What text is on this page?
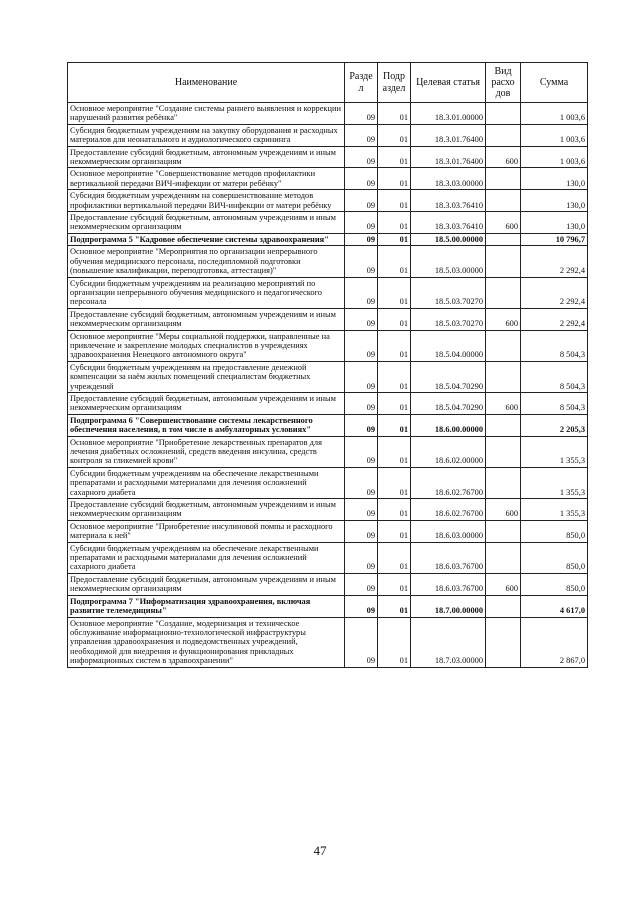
Наименование	Разде л	Подр аздел	Целевая статья	Вид расхо дов	Сумма
Основное мероприятие "Создание системы раннего выявления и коррекции нарушений развития ребёнка"	09	01	18.3.01.00000		1 003,6
Субсидия бюджетным учреждениям на закупку оборудования и расходных материалов для неонатального и аудиологического скрининга	09	01	18.3.01.76400		1 003,6
Предоставление субсидий бюджетным, автономным учреждениям и иным некоммерческим организациям	09	01	18.3.01.76400	600	1 003,6
Основное мероприятие "Совершенствование методов профилактики вертикальной передачи ВИЧ-инфекции от матери ребёнку"	09	01	18.3.03.00000		130,0
Субсидия бюджетным учреждениям на совершенствование методов профилактики вертикальной передачи ВИЧ-инфекции от матери ребёнку	09	01	18.3.03.76410		130,0
Предоставление субсидий бюджетным, автономным учреждениям и иным некоммерческим организациям	09	01	18.3.03.76410	600	130,0
Подпрограмма 5 "Кадровое обеспечение системы здравоохранения"	09	01	18.5.00.00000		10 796,7
Основное мероприятие "Мероприятия по организации непрерывного обучения медицинского персонала, последипломной подготовки (повышение квалификации, переподготовка, аттестация)"	09	01	18.5.03.00000		2 292,4
Субсидии бюджетным учреждениям на реализацию мероприятий по организации непрерывного обучения медицинского и педагогического персонала	09	01	18.5.03.70270		2 292,4
Предоставление субсидий бюджетным, автономным учреждениям и иным некоммерческим организациям	09	01	18.5.03.70270	600	2 292,4
Основное мероприятие "Меры социальной поддержки, направленные на привлечение и закрепление молодых специалистов в учреждениях здравоохранения Ненецкого автономного округа"	09	01	18.5.04.00000		8 504,3
Субсидии бюджетным учреждениям на предоставление денежной компенсации за наём жилых помещений специалистам бюджетных учреждений	09	01	18.5.04.70290		8 504,3
Предоставление субсидий бюджетным, автономным учреждениям и иным некоммерческим организациям	09	01	18.5.04.70290	600	8 504,3
Подпрограмма 6 "Совершенствование системы лекарственного обеспечения населения, в том числе в амбулаторных условиях"	09	01	18.6.00.00000		2 205,3
Основное мероприятие "Приобретение лекарственных препаратов для лечения диабетных осложнений, средств введения инсулина, средств контроля за гликемией крови"	09	01	18.6.02.00000		1 355,3
Субсидии бюджетным учреждениям на обеспечение лекарственными препаратами и расходными материалами для лечения осложнений сахарного диабета	09	01	18.6.02.76700		1 355,3
Предоставление субсидий бюджетным, автономным учреждениям и иным некоммерческим организациям	09	01	18.6.02.76700	600	1 355,3
Основное мероприятие "Приобретение инсулиновой помпы и расходного материала к ней"	09	01	18.6.03.00000		850,0
Субсидии бюджетным учреждениям на обеспечение лекарственными препаратами и расходными материалами для лечения осложнений сахарного диабета	09	01	18.6.03.76700		850,0
Предоставление субсидий бюджетным, автономным учреждениям и иным некоммерческим организациям	09	01	18.6.03.76700	600	850,0
Подпрограмма 7 "Информатизация здравоохранения, включая развитие телемедицины"	09	01	18.7.00.00000		4 617,0
Основное мероприятие "Создание, модернизация и техническое обслуживание информационно-технологической инфраструктуры управления здравоохранения и подведомственных учреждений, необходимой для внедрения и функционирования прикладных информационных систем в здравоохранении"	09	01	18.7.03.00000		2 867,0
47
